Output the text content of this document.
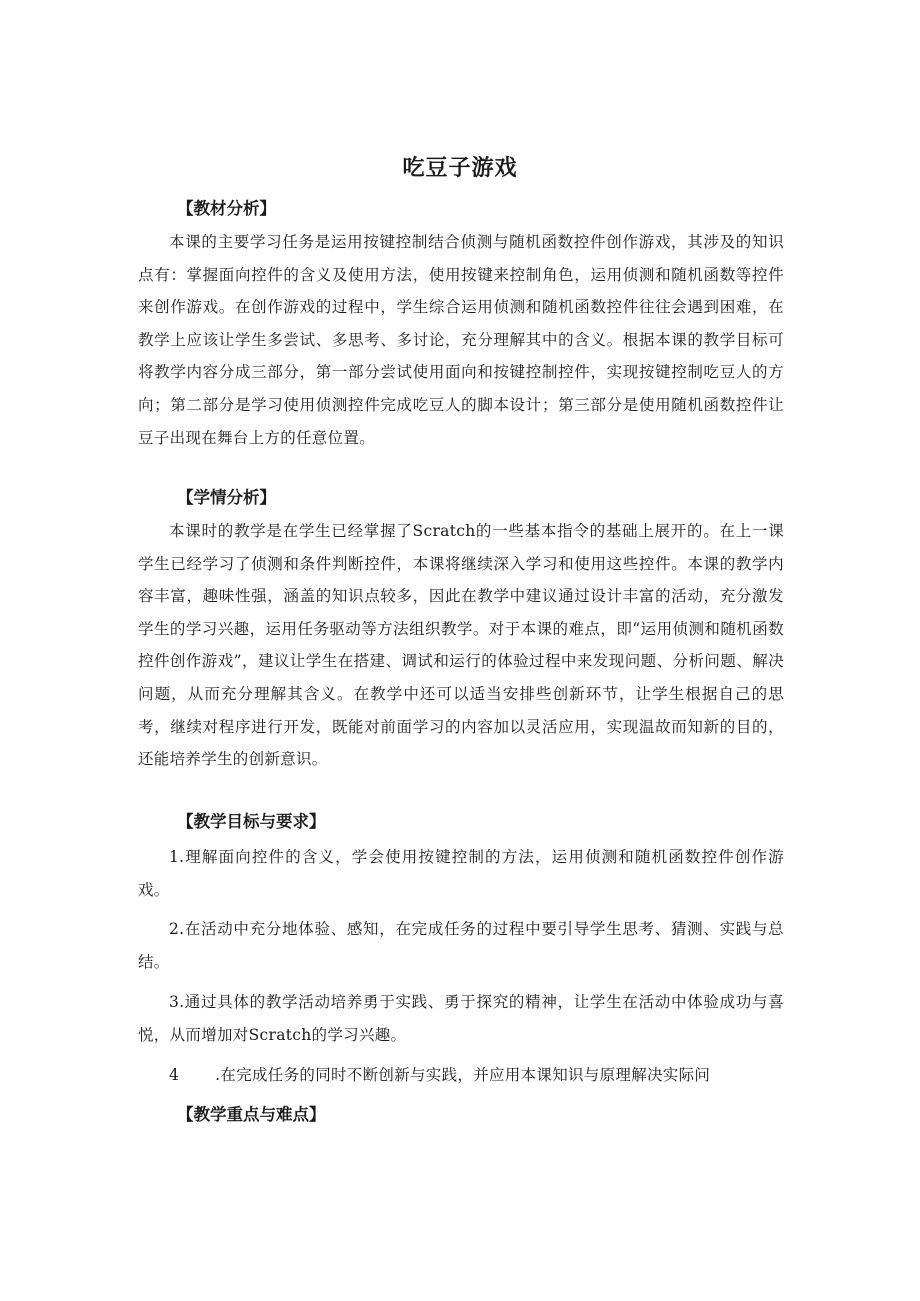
吃豆子游戏
【教材分析】

本课的主要学习任务是运用按键控制结合侦测与随机函数控件创作游戏，其涉及的知识点有：掌握面向控件的含义及使用方法，使用按键来控制角色，运用侦测和随机函数等控件来创作游戏。在创作游戏的过程中，学生综合运用侦测和随机函数控件往往会遇到困难，在教学上应该让学生多尝试、多思考、多讨论，充分理解其中的含义。根据本课的教学目标可将教学内容分成三部分，第一部分尝试使用面向和按键控制控件，实现按键控制吃豆人的方向；第二部分是学习使用侦测控件完成吃豆人的脚本设计；第三部分是使用随机函数控件让豆子出现在舞台上方的任意位置。

【学情分析】

本课时的教学是在学生已经掌握了Scratch的一些基本指令的基础上展开的。在上一课学生已经学习了侦测和条件判断控件，本课将继续深入学习和使用这些控件。本课的教学内容丰富，趣味性强，涵盖的知识点较多，因此在教学中建议通过设计丰富的活动，充分激发学生的学习兴趣，运用任务驱动等方法组织教学。对于本课的难点，即“运用侦测和随机函数控件创作游戏”，建议让学生在搭建、调试和运行的体验过程中来发现问题、分析问题、解决问题，从而充分理解其含义。在教学中还可以适当安排些创新环节，让学生根据自己的思考，继续对程序进行开发，既能对前面学习的内容加以灵活应用，实现温故而知新的目的，还能培养学生的创新意识。

【教学目标与要求】

1.理解面向控件的含义，学会使用按键控制的方法，运用侦测和随机函数控件创作游戏。

2.在活动中充分地体验、感知，在完成任务的过程中要引导学生思考、猜测、实践与总结。

3.通过具体的教学活动培养勇于实践、勇于探究的精神，让学生在活动中体验成功与喜悦，从而增加对Scratch的学习兴趣。

4 .在完成任务的同时不断创新与实践，并应用本课知识与原理解决实际问

【教学重点与难点】
